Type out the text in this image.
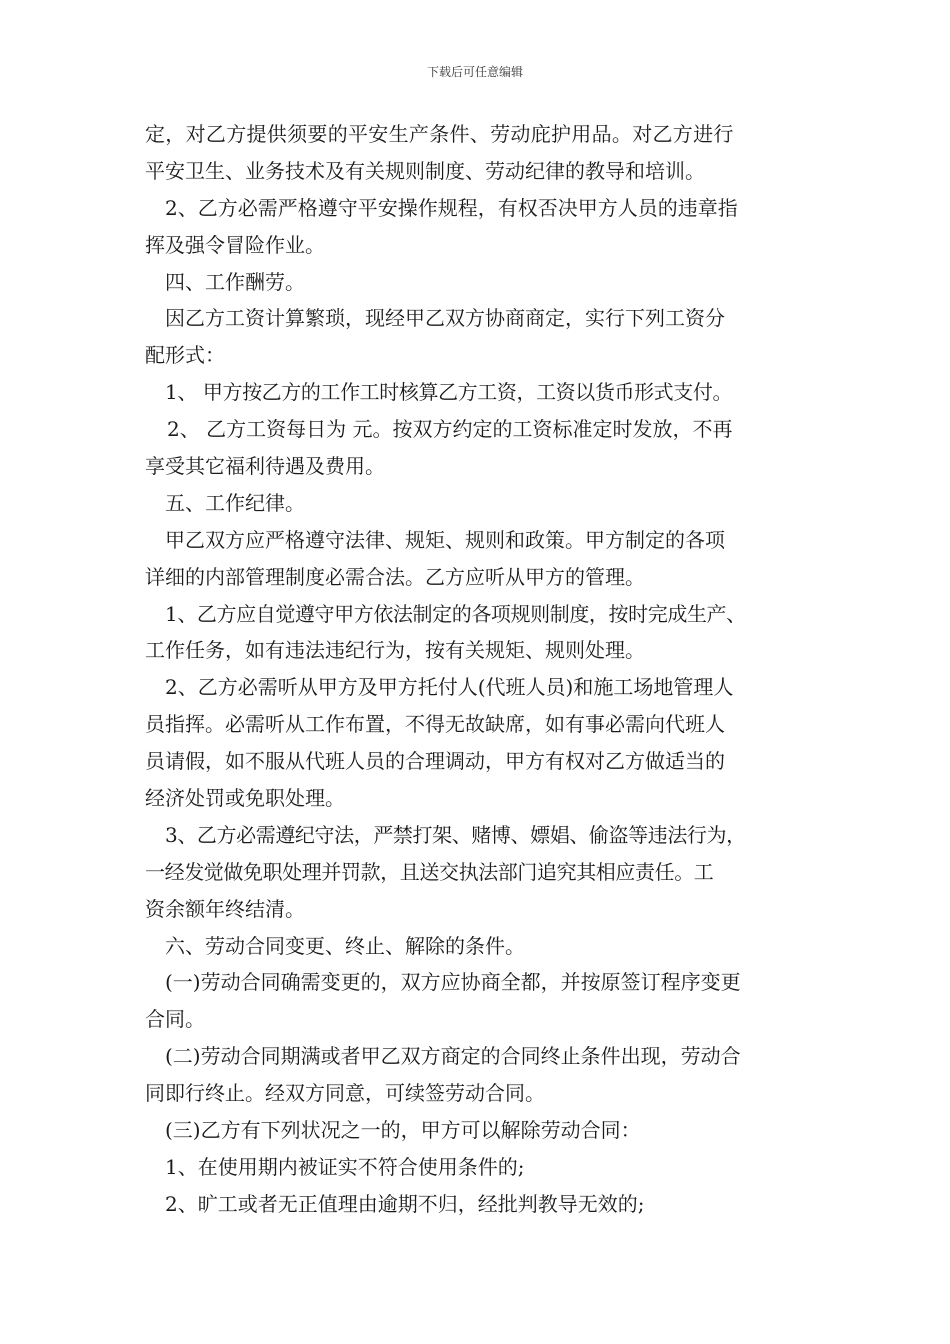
下载后可任意编辑
定，对乙方提供须要的平安生产条件、劳动庇护用品。对乙方进行
平安卫生、业务技术及有关规则制度、劳动纪律的教导和培训。
2、乙方必需严格遵守平安操作规程，有权否决甲方人员的违章指
挥及强令冒险作业。
四、工作酬劳。
因乙方工资计算繁琐，现经甲乙双方协商商定，实行下列工资分
配形式：
1、 甲方按乙方的工作工时核算乙方工资，工资以货币形式支付。
2、 乙方工资每日为 元。按双方约定的工资标准定时发放，不再
享受其它福利待遇及费用。
五、工作纪律。
甲乙双方应严格遵守法律、规矩、规则和政策。甲方制定的各项
详细的内部管理制度必需合法。乙方应听从甲方的管理。
1、乙方应自觉遵守甲方依法制定的各项规则制度，按时完成生产、
工作任务，如有违法违纪行为，按有关规矩、规则处理。
2、乙方必需听从甲方及甲方托付人(代班人员)和施工场地管理人
员指挥。必需听从工作布置，不得无故缺席，如有事必需向代班人
员请假，如不服从代班人员的合理调动，甲方有权对乙方做适当的
经济处罚或免职处理。
3、乙方必需遵纪守法，严禁打架、赌博、嫖娼、偷盗等违法行为，
一经发觉做免职处理并罚款，且送交执法部门追究其相应责任。工
资余额年终结清。
六、劳动合同变更、终止、解除的条件。
(一)劳动合同确需变更的，双方应协商全都，并按原签订程序变更
合同。
(二)劳动合同期满或者甲乙双方商定的合同终止条件出现，劳动合
同即行终止。经双方同意，可续签劳动合同。
(三)乙方有下列状况之一的，甲方可以解除劳动合同：
1、在使用期内被证实不符合使用条件的;
2、旷工或者无正值理由逾期不归，经批判教导无效的;
